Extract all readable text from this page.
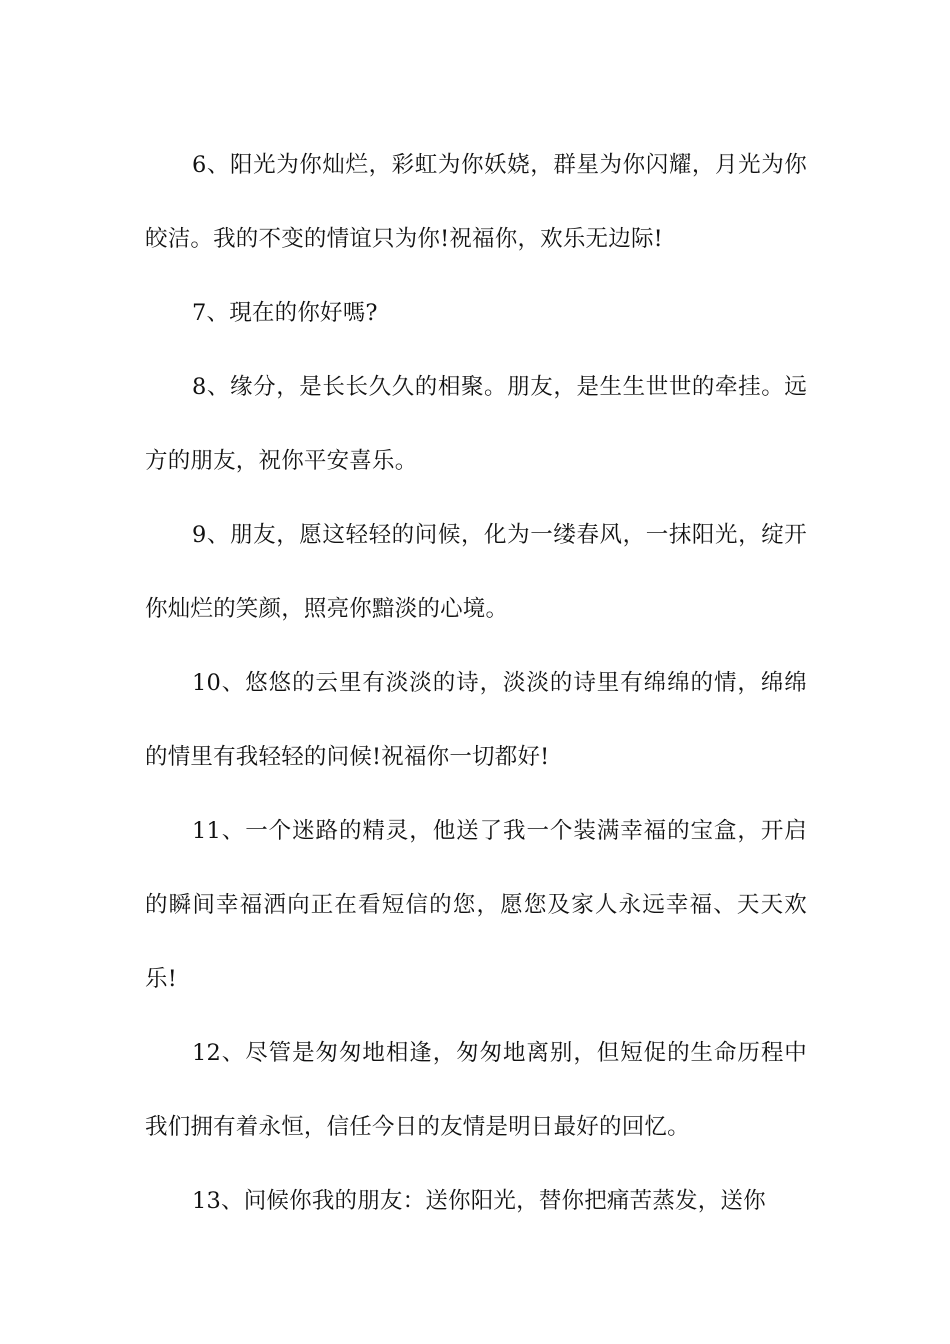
6、阳光为你灿烂，彩虹为你妖娆，群星为你闪耀，月光为你皎洁。我的不变的情谊只为你!祝福你，欢乐无边际!

7、現在的你好嗎?

8、缘分，是长长久久的相聚。朋友，是生生世世的牵挂。远方的朋友，祝你平安喜乐。

9、朋友，愿这轻轻的问候，化为一缕春风，一抹阳光，绽开你灿烂的笑颜，照亮你黯淡的心境。

10、悠悠的云里有淡淡的诗，淡淡的诗里有绵绵的情，绵绵的情里有我轻轻的问候!祝福你一切都好!

11、一个迷路的精灵，他送了我一个装满幸福的宝盒，开启的瞬间幸福洒向正在看短信的您，愿您及家人永远幸福、天天欢乐!

12、尽管是匆匆地相逢，匆匆地离别，但短促的生命历程中我们拥有着永恒，信任今日的友情是明日最好的回忆。

13、问候你我的朋友：送你阳光，替你把痛苦蒸发，送你
